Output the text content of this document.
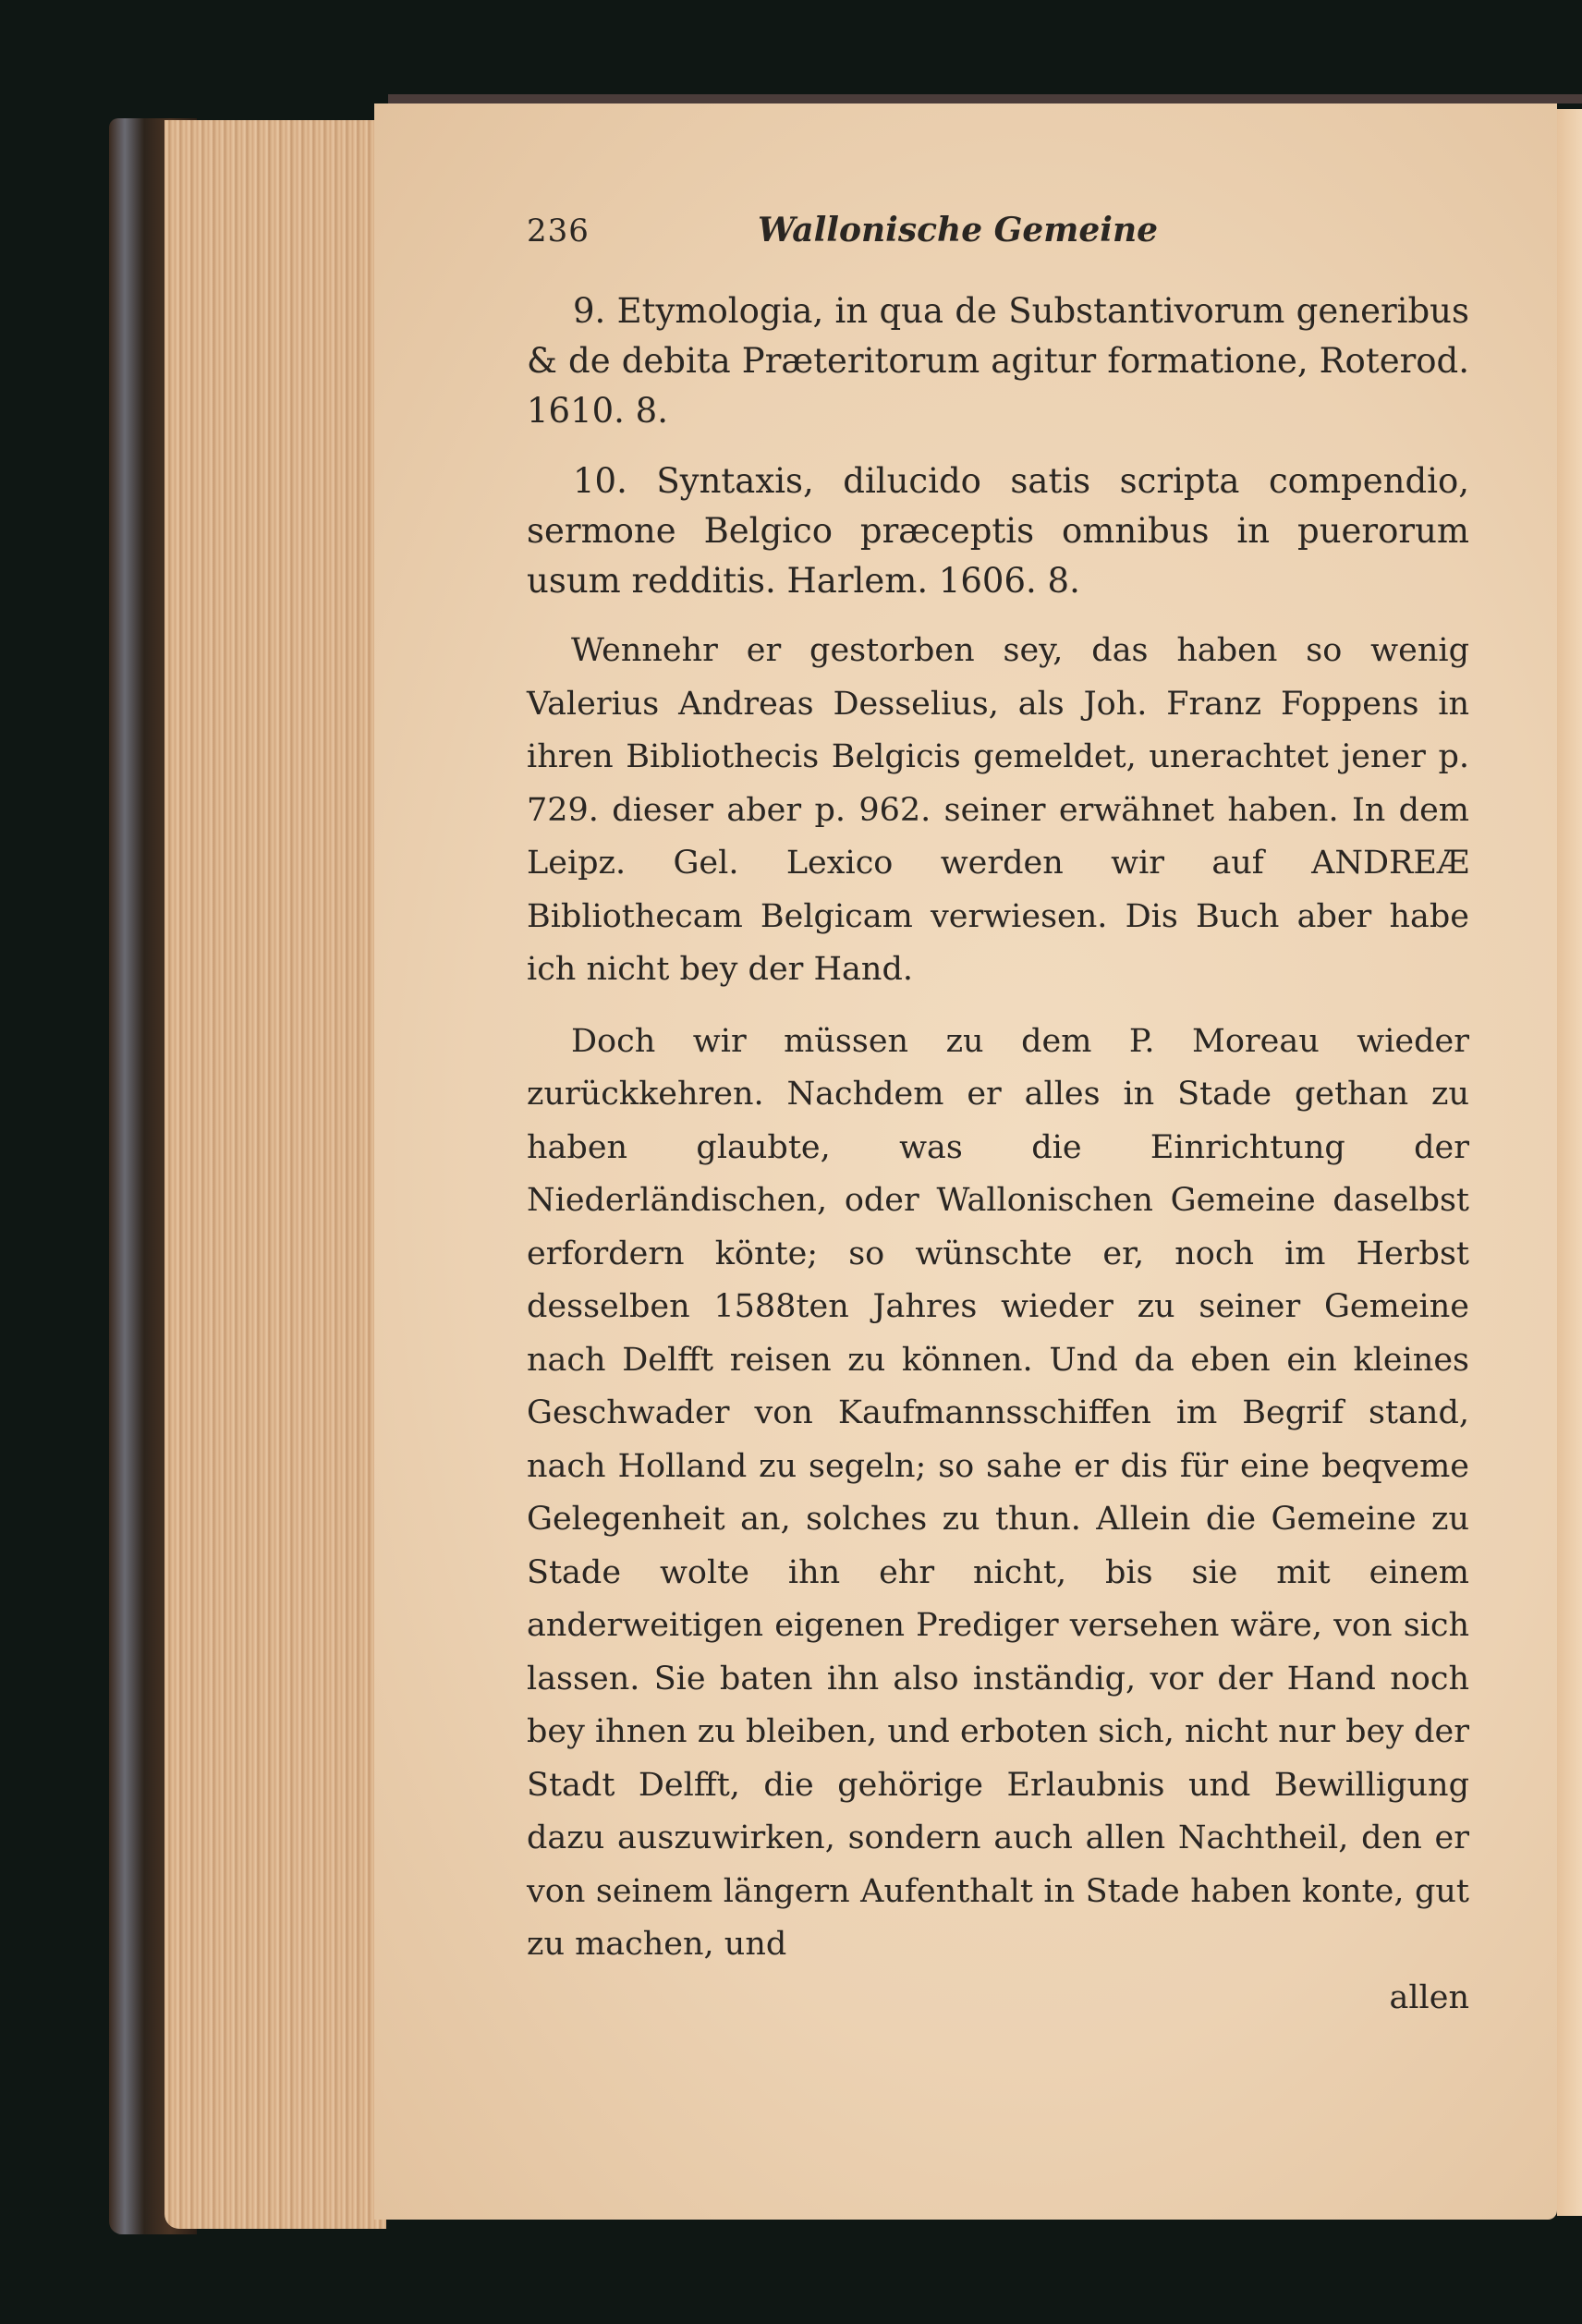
236	Wallonische Gemeine
9. Etymologia, in qua de Substantivorum generibus & de debita Præteritorum agitur formatione, Roterod. 1610. 8.
10. Syntaxis, dilucido satis scripta compendio, sermone Belgico præceptis omnibus in puerorum usum redditis. Harlem. 1606. 8.
Wennehr er gestorben sey, das haben so wenig Valerius Andreas Desselius, als Joh. Franz Foppens in ihren Bibliothecis Belgicis gemeldet, unerachtet jener p. 729. dieser aber p. 962. seiner erwähnet haben. In dem Leipz. Gel. Lexico werden wir auf ANDREÆ Bibliothecam Belgicam verwiesen. Dis Buch aber habe ich nicht bey der Hand.
Doch wir müssen zu dem P. Moreau wieder zurückkehren. Nachdem er alles in Stade gethan zu haben glaubte, was die Einrichtung der Niederländischen, oder Wallonischen Gemeine daselbst erfordern könte; so wünschte er, noch im Herbst desselben 1588ten Jahres wieder zu seiner Gemeine nach Delfft reisen zu können. Und da eben ein kleines Geschwader von Kaufmannsschiffen im Begrif stand, nach Holland zu segeln; so sahe er dis für eine beqveme Gelegenheit an, solches zu thun. Allein die Gemeine zu Stade wolte ihn ehr nicht, bis sie mit einem anderweitigen eigenen Prediger versehen wäre, von sich lassen. Sie baten ihn also inständig, vor der Hand noch bey ihnen zu bleiben, und erboten sich, nicht nur bey der Stadt Delfft, die gehörige Erlaubnis und Bewilligung dazu auszuwirken, sondern auch allen Nachtheil, den er von seinem längern Aufenthalt in Stade haben konte, gut zu machen, und
allen
